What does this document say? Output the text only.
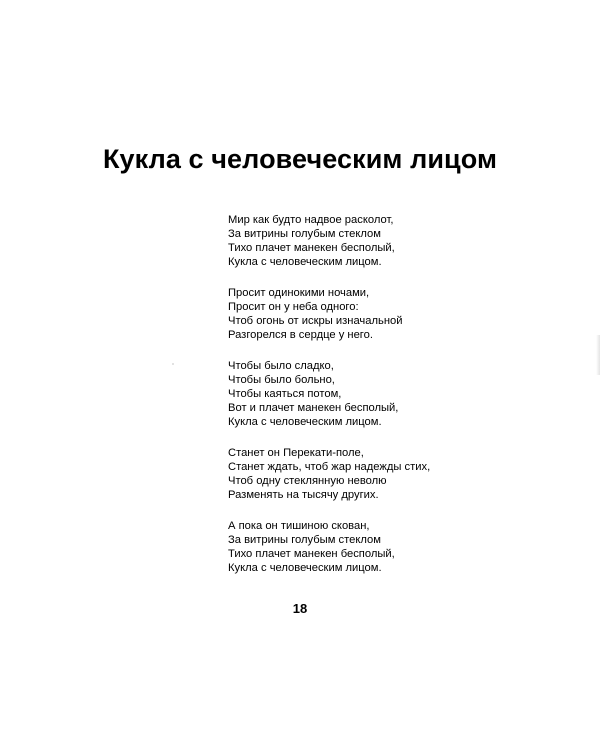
Кукла с человеческим лицом
Мир как будто надвое расколот,
За витрины голубым стеклом
Тихо плачет манекен бесполый,
Кукла с человеческим лицом.
Просит одинокими ночами,
Просит он у неба одного:
Чтоб огонь от искры изначальной
Разгорелся в сердце у него.
Чтобы было сладко,
Чтобы было больно,
Чтобы каяться потом,
Вот и плачет манекен бесполый,
Кукла с человеческим лицом.
Станет он Перекати-поле,
Станет ждать, чтоб жар надежды стих,
Чтоб одну стеклянную неволю
Разменять на тысячу других.
А пока он тишиною скован,
За витрины голубым стеклом
Тихо плачет манекен бесполый,
Кукла с человеческим лицом.
18
